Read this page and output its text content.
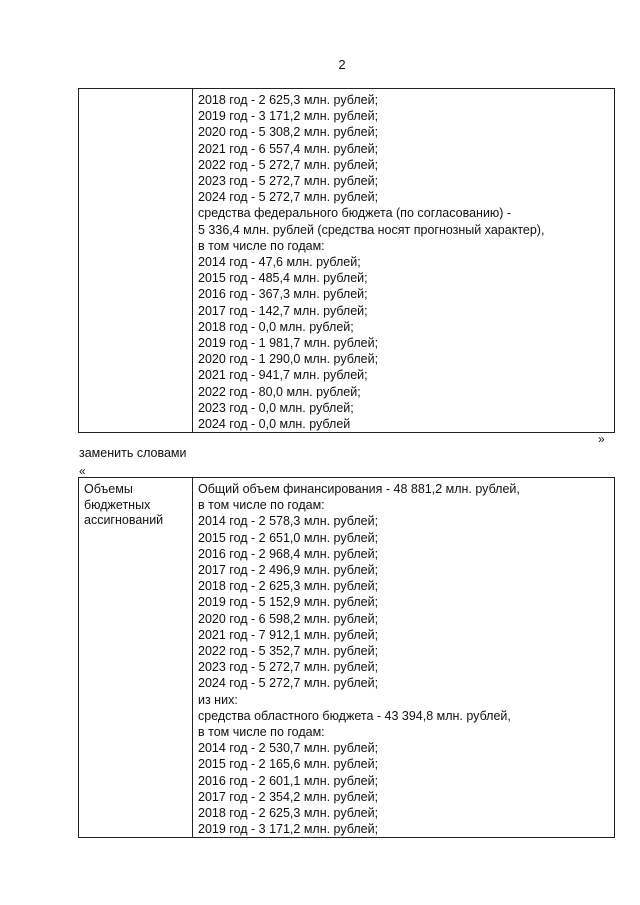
2

2018 год - 2 625,3 млн. рублей;
2019 год - 3 171,2 млн. рублей;
2020 год - 5 308,2 млн. рублей;
2021 год - 6 557,4 млн. рублей;
2022 год - 5 272,7 млн. рублей;
2023 год - 5 272,7 млн. рублей;
2024 год - 5 272,7 млн. рублей;
средства федерального бюджета (по согласованию) -
5 336,4 млн. рублей (средства носят прогнозный характер),
в том числе по годам:
2014 год - 47,6 млн. рублей;
2015 год - 485,4 млн. рублей;
2016 год - 367,3 млн. рублей;
2017 год - 142,7 млн. рублей;
2018 год - 0,0 млн. рублей;
2019 год - 1 981,7 млн. рублей;
2020 год - 1 290,0 млн. рублей;
2021 год - 941,7 млн. рублей;
2022 год - 80,0 млн. рублей;
2023 год - 0,0 млн. рублей;
2024 год - 0,0 млн. рублей
»
заменить словами
«
Объемы
бюджетных
ассигнований

Общий объем финансирования - 48 881,2 млн. рублей,
в том числе по годам:
2014 год - 2 578,3 млн. рублей;
2015 год - 2 651,0 млн. рублей;
2016 год - 2 968,4 млн. рублей;
2017 год - 2 496,9 млн. рублей;
2018 год - 2 625,3 млн. рублей;
2019 год - 5 152,9 млн. рублей;
2020 год - 6 598,2 млн. рублей;
2021 год - 7 912,1 млн. рублей;
2022 год - 5 352,7 млн. рублей;
2023 год - 5 272,7 млн. рублей;
2024 год - 5 272,7 млн. рублей;
из них:
средства областного бюджета - 43 394,8 млн. рублей,
в том числе по годам:
2014 год - 2 530,7 млн. рублей;
2015 год - 2 165,6 млн. рублей;
2016 год - 2 601,1 млн. рублей;
2017 год - 2 354,2 млн. рублей;
2018 год - 2 625,3 млн. рублей;
2019 год - 3 171,2 млн. рублей;
